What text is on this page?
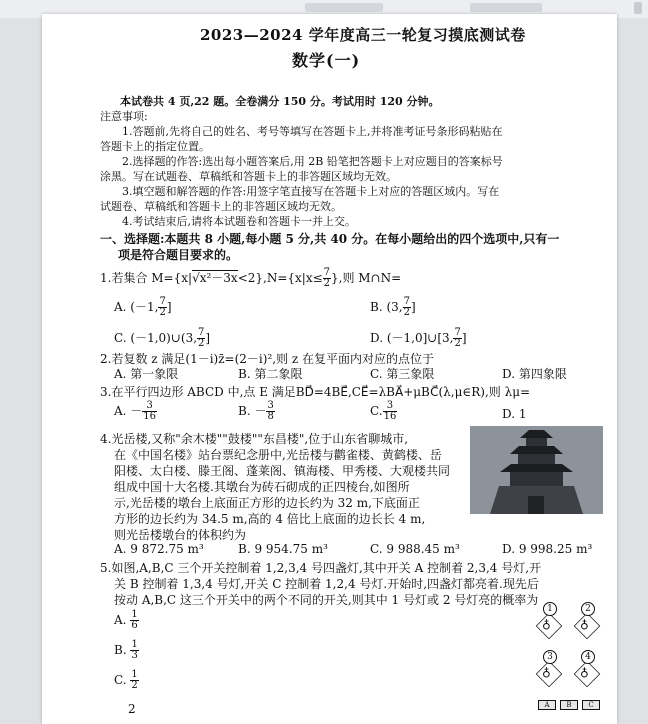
2023—2024 学年度高三一轮复习摸底测试卷
数学(一)
本试卷共 4 页,22 题。全卷满分 150 分。考试用时 120 分钟。
注意事项:
1.答题前,先将自己的姓名、考号等填写在答题卡上,并将准考证号条形码粘贴在
答题卡上的指定位置。
2.选择题的作答:选出每小题答案后,用 2B 铅笔把答题卡上对应题目的答案标号
涂黑。写在试题卷、草稿纸和答题卡上的非答题区域均无效。
3.填空题和解答题的作答:用签字笔直接写在答题卡上对应的答题区域内。写在
试题卷、草稿纸和答题卡上的非答题区域均无效。
4.考试结束后,请将本试题卷和答题卡一并上交。
一、选择题:本题共 8 小题,每小题 5 分,共 40 分。在每小题给出的四个选项中,只有一
项是符合题目要求的。
1.若集合 $M=\{x|√x^2-3x<2\},N=\{x|x\le \frac{7}{2}$ },则 M∩N=
A. (－1, $\frac{7}{2}$ ]	B. (3, $\frac{7}{2}$ ]
C. (－1,0)∪(3, $\frac{7}{2}$ ]	D. (－1,0]∪[3, $\frac{7}{2}$ ]
2.若复数 z 满足(1－i)z̄=(2－i)²,则 z 在复平面内对应的点位于
A. 第一象限	B. 第二象限	C. 第三象限	D. 第四象限
3.在平行四边形 ABCD 中,点 E 满足BD⃗=4BE⃗,CE⃗=λBA⃗+μBC⃗(λ,μ∈R),则 λμ=
A. － $\frac{3}{16}$	B. － $\frac{3}{8}$	C. $\frac{3}{16}$	D. 1
4.光岳楼,又称"余木楼""鼓楼""东昌楼",位于山东省聊城市,
在《中国名楼》站台票纪念册中,光岳楼与鹳雀楼、黄鹤楼、岳
阳楼、太白楼、滕王阁、蓬莱阁、镇海楼、甲秀楼、大观楼共同
组成中国十大名楼.其墩台为砖石砌成的正四棱台,如图所
示,光岳楼的墩台上底面正方形的边长约为 32 m,下底面正
方形的边长约为 34.5 m,高的 4 倍比上底面的边长长 4 m,
则光岳楼墩台的体积约为
A. 9 872.75 m³	B. 9 954.75 m³	C. 9 988.45 m³	D. 9 998.25 m³
5.如图,A,B,C 三个开关控制着 1,2,3,4 号四盏灯,其中开关 A 控制着 2,3,4 号灯,开
关 B 控制着 1,3,4 号灯,开关 C 控制着 1,2,4 号灯.开始时,四盏灯都亮着.现先后
按动 A,B,C 这三个开关中的两个不同的开关,则其中 1 号灯或 2 号灯亮的概率为
A. $\frac{1}{6}$
B. $\frac{1}{3}$
C. $\frac{1}{2}$
2
♁
1
♁
2
♁
3
♁
4
A B C
